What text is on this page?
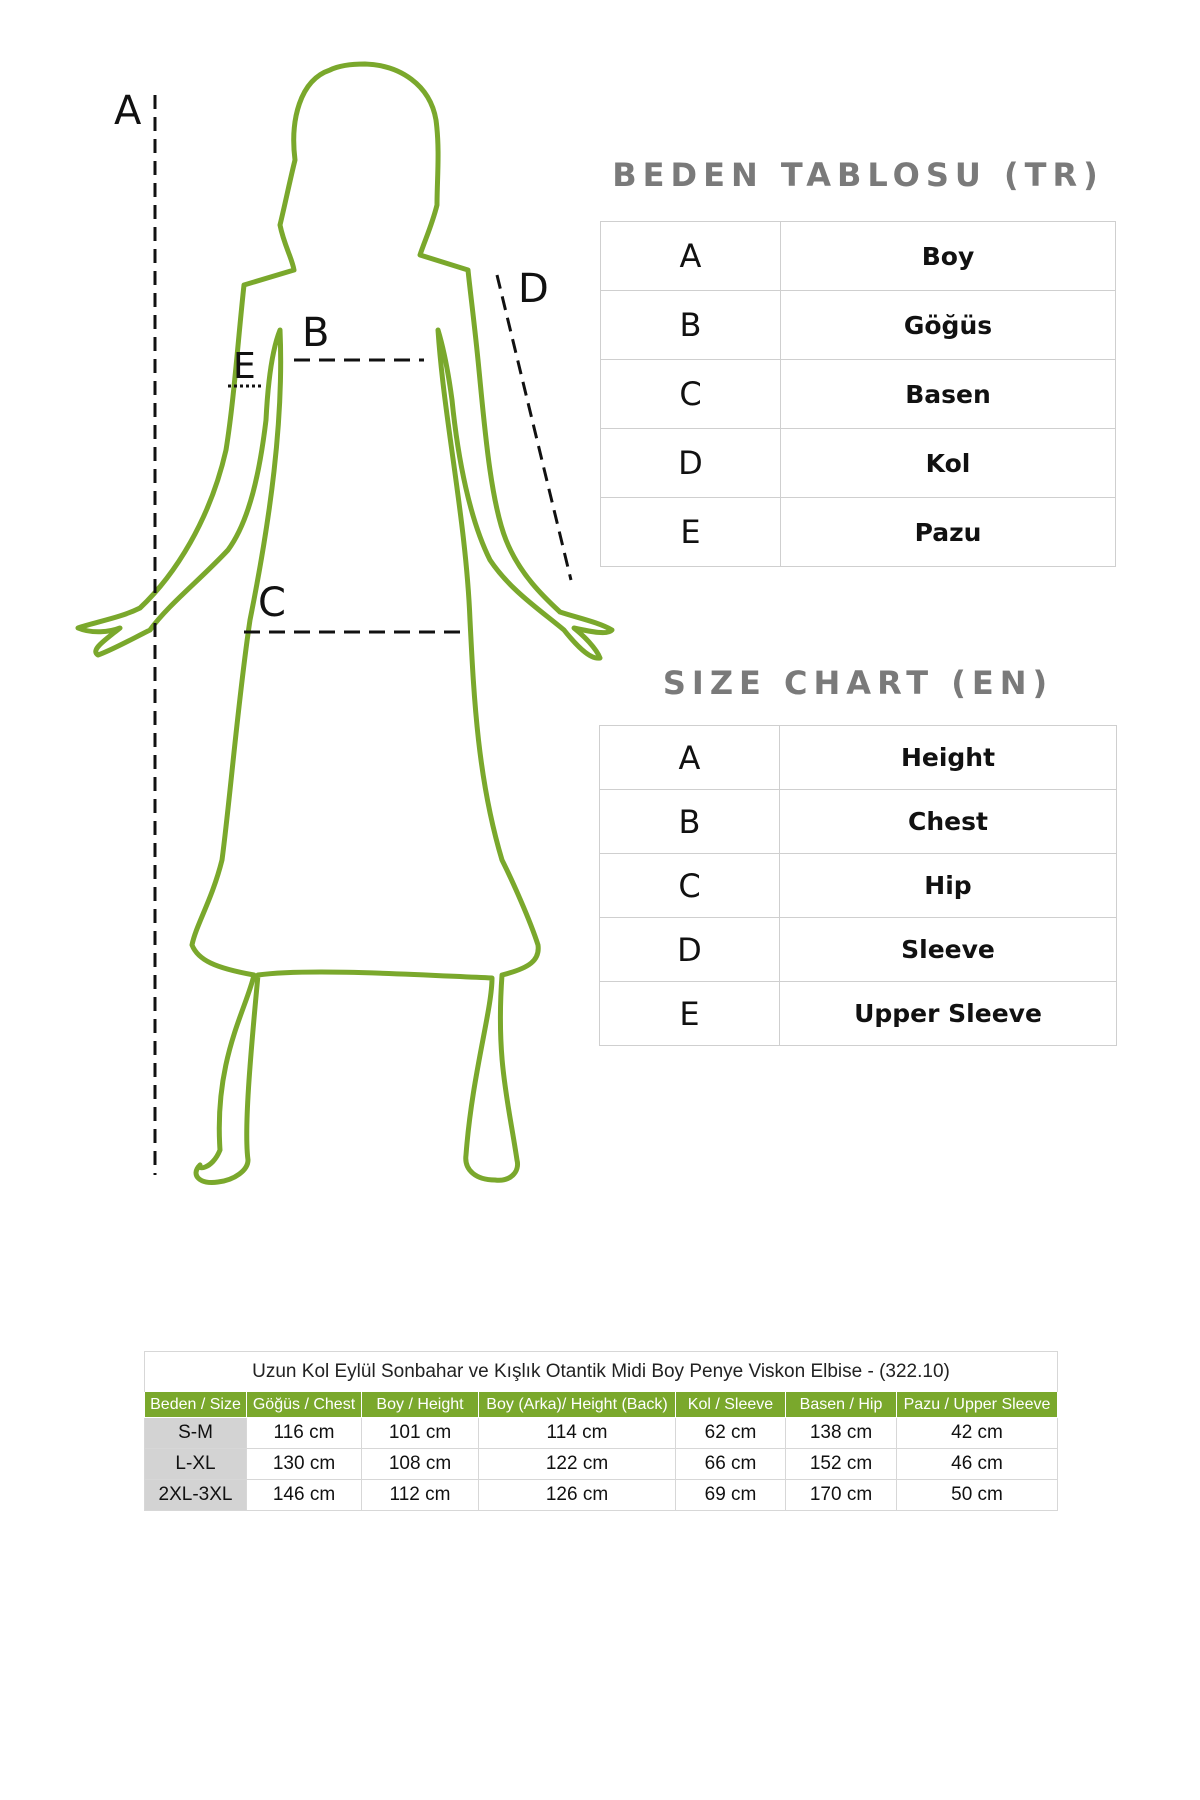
A
B
C
D
E
BEDEN TABLOSU (TR)
A	Boy
B	Göğüs
C	Basen
D	Kol
E	Pazu
SIZE CHART (EN)
A	Height
B	Chest
C	Hip
D	Sleeve
E	Upper Sleeve
Uzun Kol Eylül Sonbahar ve Kışlık Otantik Midi Boy Penye Viskon Elbise - (322.10)						
Beden / Size	Göğüs / Chest	Boy / Height	Boy (Arka)/ Height (Back)	Kol / Sleeve	Basen / Hip	Pazu / Upper Sleeve
S-M	116 cm	101 cm	114 cm	62 cm	138 cm	42 cm
L-XL	130 cm	108 cm	122 cm	66 cm	152 cm	46 cm
2XL-3XL	146 cm	112 cm	126 cm	69 cm	170 cm	50 cm
